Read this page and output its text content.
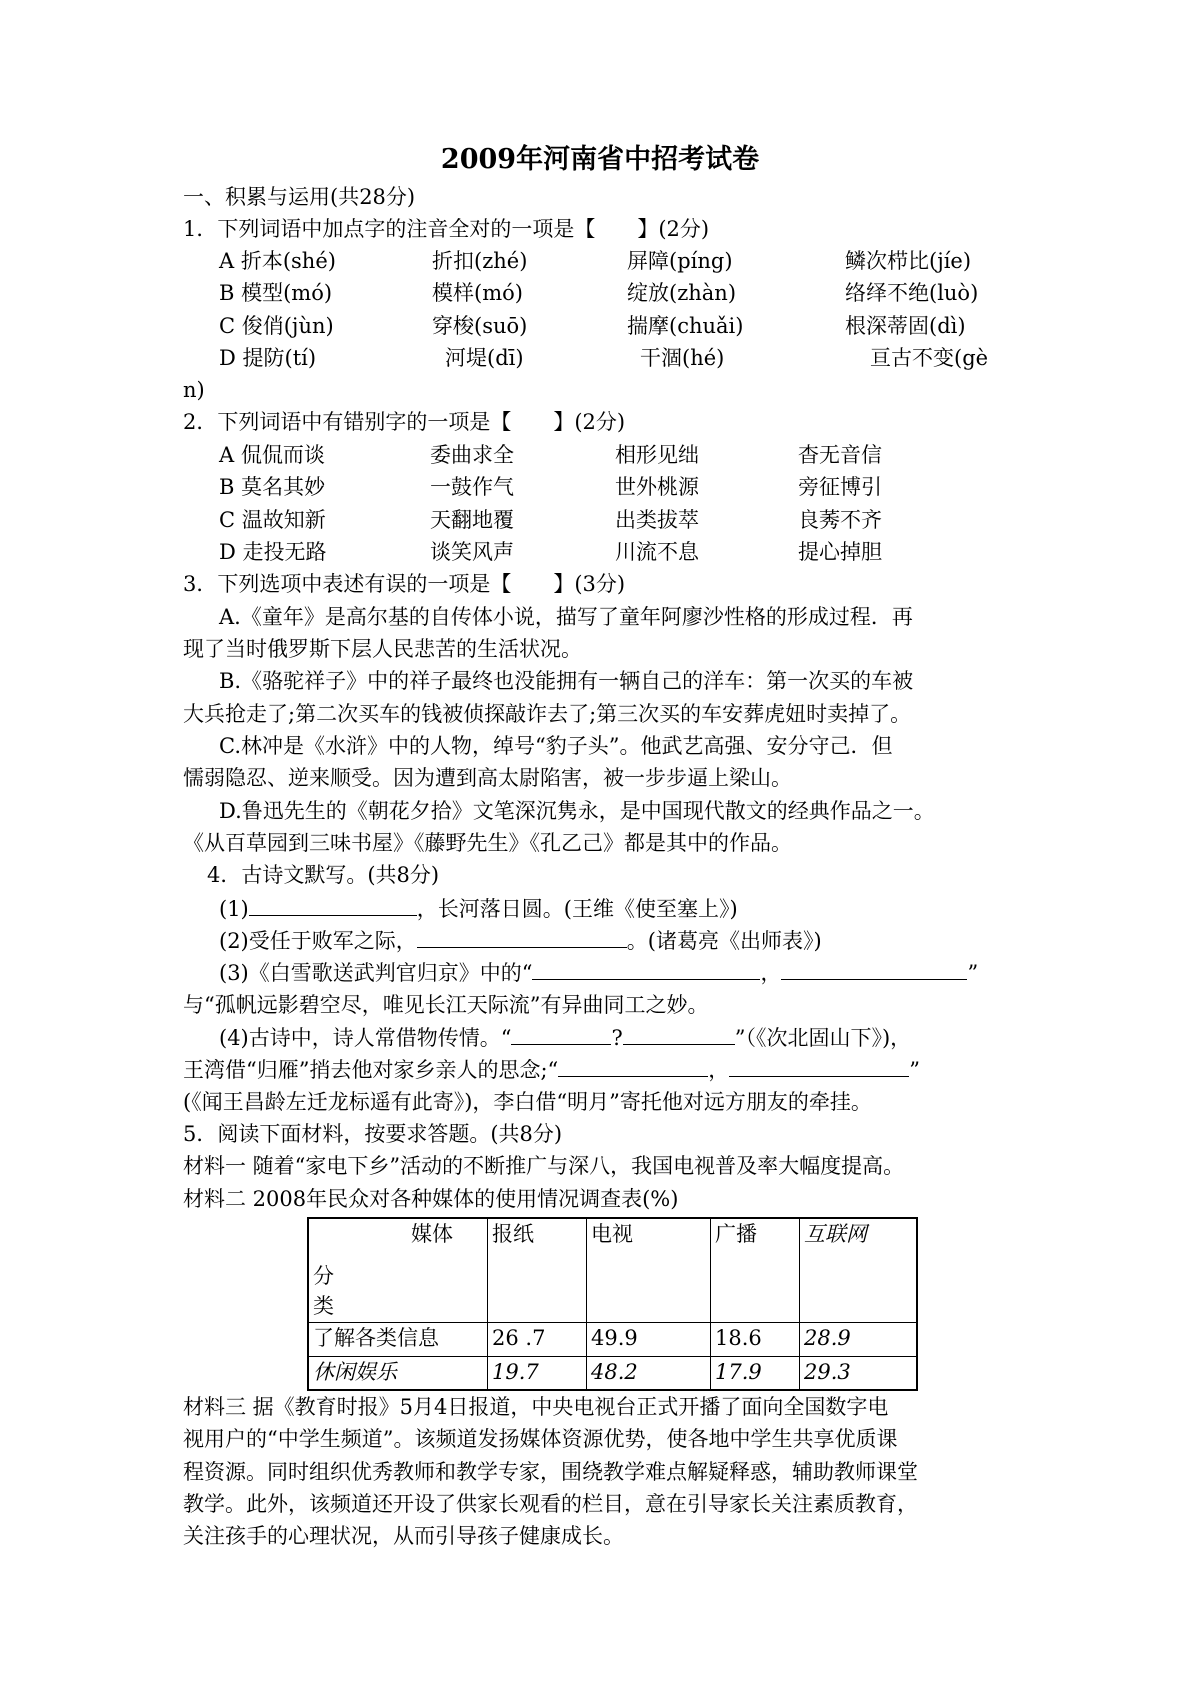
2009年河南省中招考试卷
一、积累与运用(共28分)
1．下列词语中加点字的注音全对的一项是【　　】(2分)
A 折本(shé)	折扣(zhé)	屏障(píng)	鳞次栉比(jíe)
B 模型(mó)	模样(mó)	绽放(zhàn)	络绎不绝(luò)
C 俊俏(jùn)	穿梭(suō)	揣摩(chuǎi)	根深蒂固(dì)
D 提防(tí)	河堤(dī)	干涸(hé)	亘古不变(gè
n)
2．下列词语中有错别字的一项是【　　】(2分)
A 侃侃而谈	委曲求全	相形见绌	杳无音信
B 莫名其妙	一鼓作气	世外桃源	旁征博引
C 温故知新	天翻地覆	出类拔萃	良莠不齐
D 走投无路	谈笑风声	川流不息	提心掉胆
3．下列选项中表述有误的一项是【　　】(3分)
A.《童年》是高尔基的自传体小说，描写了童年阿廖沙性格的形成过程．再
现了当时俄罗斯下层人民悲苦的生活状况。
B.《骆驼祥子》中的祥子最终也没能拥有一辆自己的洋车：第一次买的车被
大兵抢走了;第二次买车的钱被侦探敲诈去了;第三次买的车安葬虎妞时卖掉了。
C.林冲是《水浒》中的人物，绰号“豹子头”。他武艺高强、安分守己．但
懦弱隐忍、逆来顺受。因为遭到高太尉陷害，被一步步逼上梁山。
D.鲁迅先生的《朝花夕拾》文笔深沉隽永，是中国现代散文的经典作品之一。
《从百草园到三味书屋》《藤野先生》《孔乙己》都是其中的作品。
4．古诗文默写。(共8分)
(1)	，长河落日圆。(王维《使至塞上》)
(2)受任于败军之际，	。(诸葛亮《出师表》)
(3)《白雪歌送武判官归京》中的“	，	”
与“孤帆远影碧空尽，唯见长江天际流”有异曲同工之妙。
(4)古诗中，诗人常借物传情。“	?	”（《次北固山下》)，
王湾借“归雁”捎去他对家乡亲人的思念;“	，	”
(《闻王昌龄左迁龙标遥有此寄》)，李白借“明月”寄托他对远方朋友的牵挂。
5．阅读下面材料，按要求答题。(共8分)
材料一 随着“家电下乡”活动的不断推广与深八，我国电视普及率大幅度提高。
材料二 2008年民众对各种媒体的使用情况调查表(%)
媒体
分
类	报纸	电视	广播	互联网
了解各类信息	26 .7	49.9	18.6	28.9
休闲娱乐	19.7	48.2	17.9	29.3
材料三 据《教育时报》5月4日报道，中央电视台正式开播了面向全国数字电
视用户的“中学生频道”。该频道发扬媒体资源优势，使各地中学生共享优质课
程资源。同时组织优秀教师和教学专家，围绕教学难点解疑释惑，辅助教师课堂
教学。此外，该频道还开设了供家长观看的栏目，意在引导家长关注素质教育，
关注孩手的心理状况，从而引导孩子健康成长。
